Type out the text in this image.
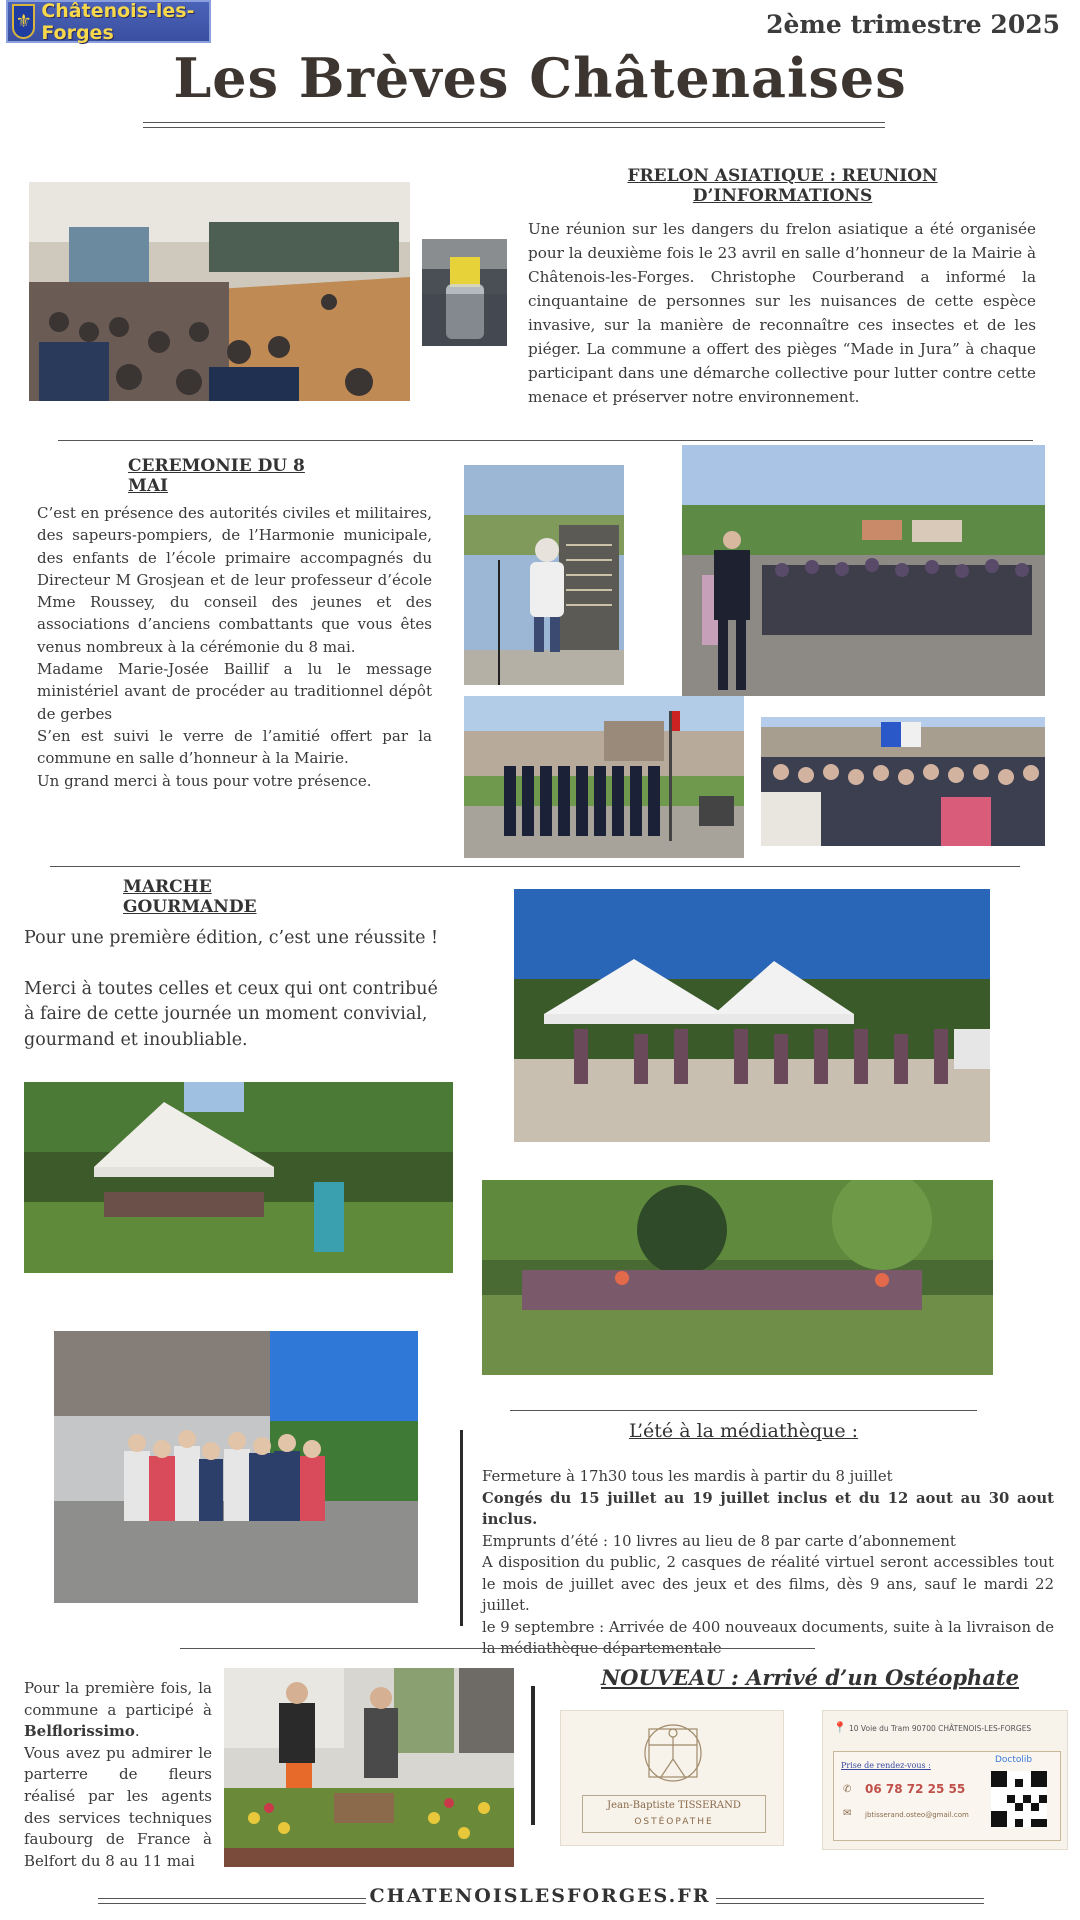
⚜ Châtenois-les-Forges	2ème trimestre 2025
Les Brèves Châtenaises
FRELON ASIATIQUE : REUNION D’INFORMATIONS
Une réunion sur les dangers du frelon asiatique a été organisée pour la deuxième fois le 23 avril en salle d’honneur de la Mairie à Châtenois-les-Forges. Christophe Courberand a informé la cinquantaine de personnes sur les nuisances de cette espèce invasive, sur la manière de reconnaître ces insectes et de les piéger. La commune a offert des pièges “Made in Jura” à chaque participant dans une démarche collective pour lutter contre cette menace et préserver notre environnement.
CEREMONIE DU 8 MAI

C’est en présence des autorités civiles et militaires, des sapeurs-pompiers, de l’Harmonie municipale, des enfants de l’école primaire accompagnés du Directeur M Grosjean et de leur professeur d’école Mme Roussey, du conseil des jeunes et des associations d’anciens combattants que vous êtes venus nombreux à la cérémonie du 8 mai.

Madame Marie-Josée Baillif a lu le message ministériel avant de procéder au traditionnel dépôt de gerbes

S’en est suivi le verre de l’amitié offert par la commune en salle d’honneur à la Mairie.

Un grand merci à tous pour votre présence.

MARCHE GOURMANDE

Pour une première édition, c’est une réussite !

Merci à toutes celles et ceux qui ont contribué à faire de cette journée un moment convivial, gourmand et inoubliable.

L’été à la médiathèque :

Fermeture à 17h30 tous les mardis à partir du 8 juillet

Congés du 15 juillet au 19 juillet inclus et du 12 aout au 30 aout inclus.

Emprunts d’été : 10 livres au lieu de 8 par carte d’abonnement

A disposition du public, 2 casques de réalité virtuel seront accessibles tout le mois de juillet avec des jeux et des films, dès 9 ans, sauf le mardi 22 juillet.

le 9 septembre : Arrivée de 400 nouveaux documents, suite à la livraison de la médiathèque départementale

Pour la première fois, la commune a participé à Belflorissimo.

Vous avez pu admirer le parterre de fleurs réalisé par les agents des services techniques faubourg de France à Belfort du 8 au 11 mai

NOUVEAU : Arrivé d’un Ostéophate
Jean-Baptiste TISSERAND
OSTÉOPATHE
📍 10 Voie du Tram 90700 CHÂTENOIS-LES-FORGES
Prise de rendez-vous :
Doctolib
✆ 06 78 72 25 55
✉ jbtisserand.osteo@gmail.com
CHATENOISLESFORGES.FR
